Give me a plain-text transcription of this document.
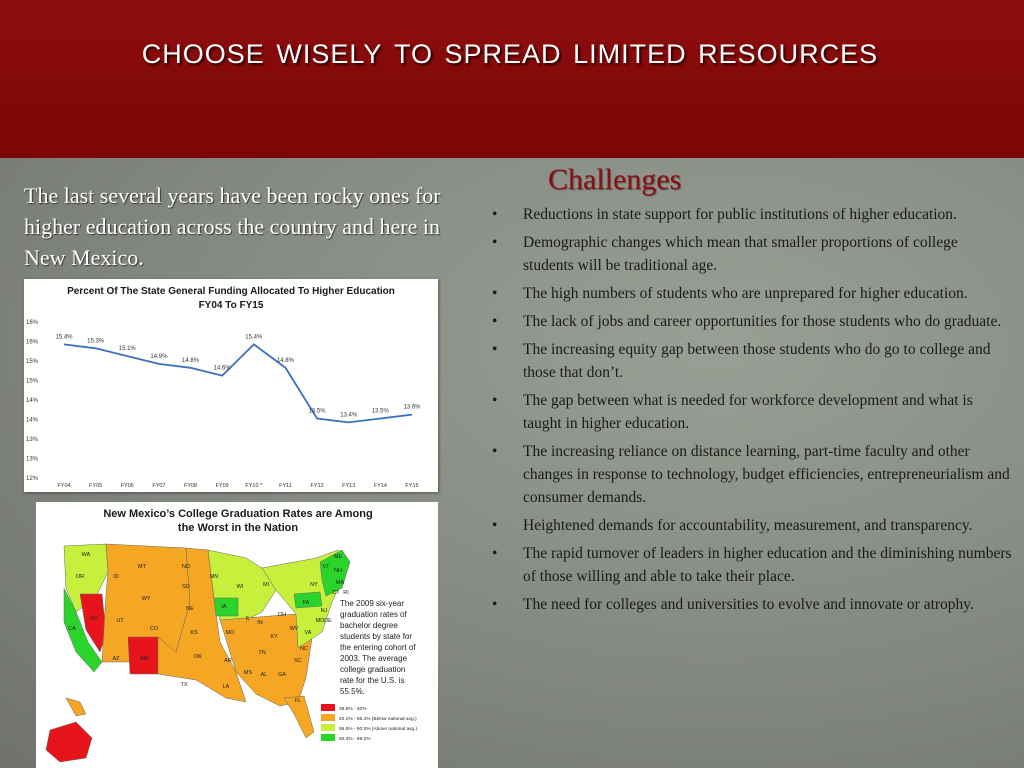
choose wisely to spread limited resources
The last several years have been rocky ones for higher education across the country and here in New Mexico.
Percent Of The State General Funding Allocated To Higher Education
FY04 To FY15
16%
16%
15%
15%
14%
14%
13%
13%
12%
FY04	FY05	FY06	FY07	FY08	FY09	FY10 *	FY11	FY12	FY13	FY14	FY15
15.4%
15.3%
15.1%
14.9%
14.8%
14.6%
15.4%
14.8%
13.5%
13.4%
13.5%
13.6%
New Mexico’s College Graduation Rates are Among
the Worst in the Nation
WA
OR
CA
NV
ID
MT
WY
UT
AZ	NM
CO
ND
SD
NE
KS
OK
TX
MN
IA
MO
AR
LA
WI
IL
MI
IN
OH
KY
TN
MS AL GA
FL
SC
NC
VA
WV
PA
NY
VT
NH
ME
MA
CT RI
NJ
DE
MD
The 2009 six-year
graduation rates of
bachelor degree
students by state for
the entering cohort of
2003. The average
college graduation
rate for the U.S. is
55.5%.
28.9% - 40%
40.1% - 55.4% (Below national avg.)
55.5% - 60.3% (Above national avg.)
60.3% - 69.2%
Challenges
• Reductions in state support for public institutions of higher education.
• Demographic changes which mean that smaller proportions of college students will be traditional age.
• The high numbers of students who are unprepared for higher education.
• The lack of jobs and career opportunities for those students who do graduate.
• The increasing equity gap between those students who do go to college and those that don’t.
• The gap between what is needed for workforce development and what is taught in higher education.
• The increasing reliance on distance learning, part-time faculty and other changes in response to technology, budget efficiencies, entrepreneurialism and consumer demands.
• Heightened demands for accountability, measurement, and transparency.
• The rapid turnover of leaders in higher education and the diminishing numbers of those willing and able to take their place.
• The need for colleges and universities to evolve and innovate or atrophy.
